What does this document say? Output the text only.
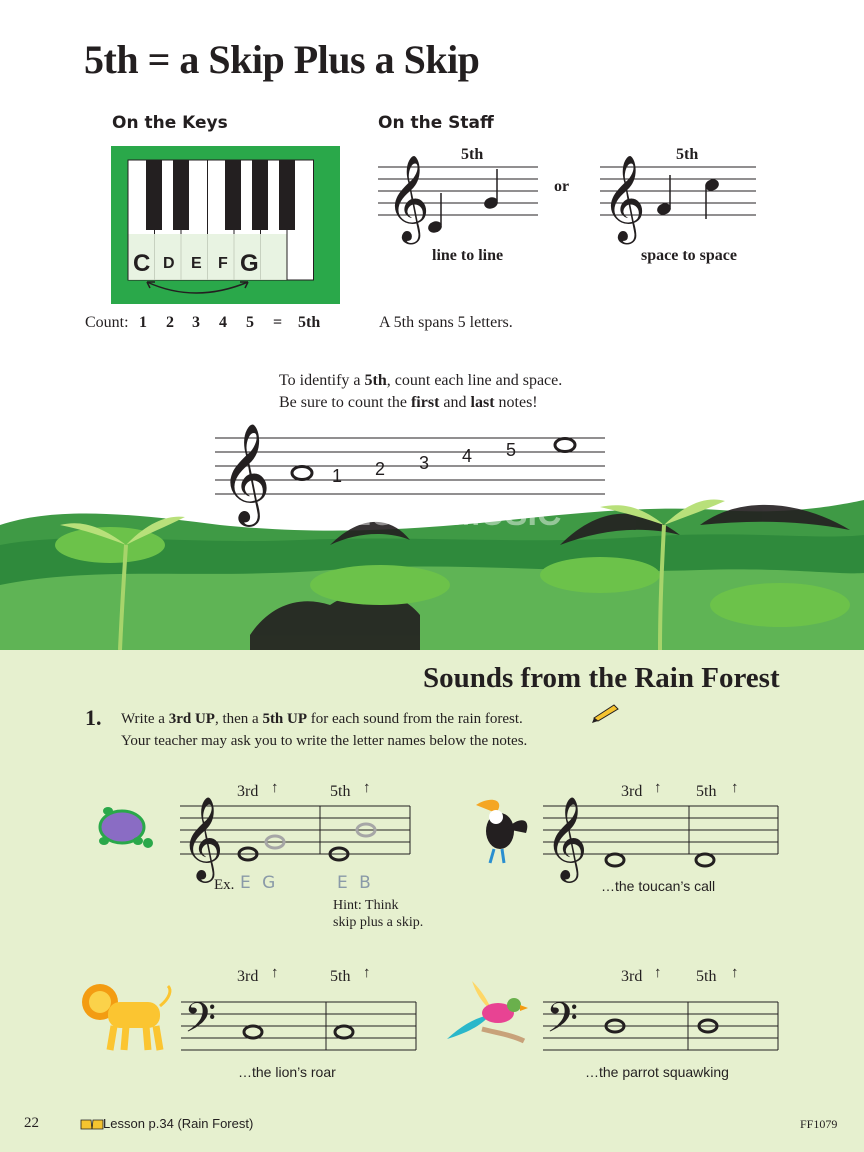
5th = a Skip Plus a Skip
On the Keys	On the Staff
C D E F G
Count: 1 2 3 4 5 = 5th
𝄞
5th
or
line to line
𝄞
5th
space to space
A 5th spans 5 letters.
To identify a 5th, count each line and space.
Be sure to count the first and last notes!
𝄞	1 2 3 4 5
PRELUDE MUSIC
Sounds from the Rain Forest
1. Write a 3rd UP, then a 5th UP for each sound from the rain forest.
Your teacher may ask you to write the letter names below the notes.
𝄞
3rd ↑	5th ↑
Ex. E G	E B
Hint: Think
skip plus a skip.
𝄞
3rd ↑ 5th ↑
…the toucan’s call
𝄢
3rd ↑	5th ↑
…the lion’s roar
𝄢
3rd ↑ 5th ↑
…the parrot squawking
22	Lesson p.34 (Rain Forest)	FF1079
